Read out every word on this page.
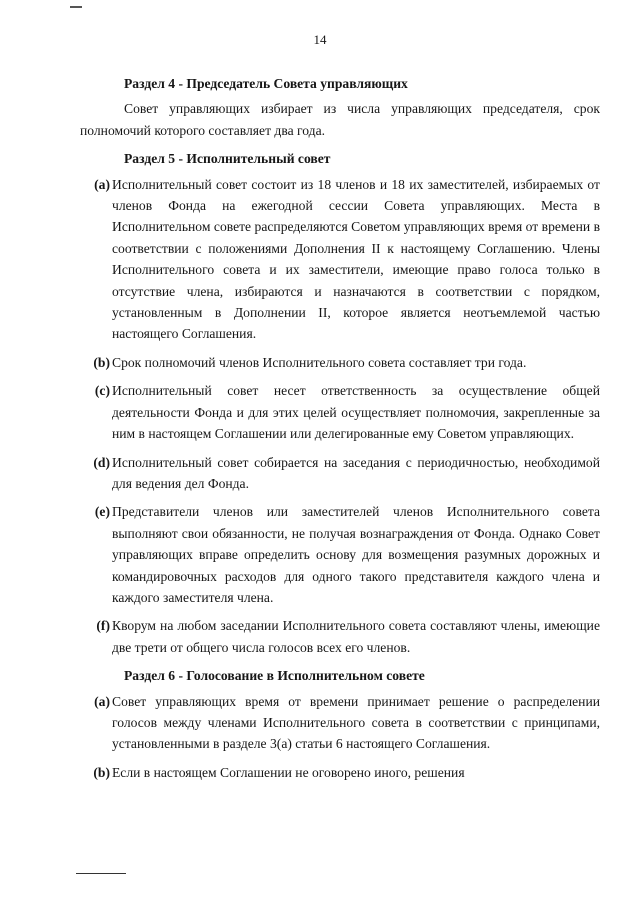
14
Раздел 4 - Председатель Совета управляющих

Совет управляющих избирает из числа управляющих председателя, срок полномочий которого составляет два года.

Раздел 5 - Исполнительный совет
(a) Исполнительный совет состоит из 18 членов и 18 их заместителей, избираемых от членов Фонда на ежегодной сессии Совета управляющих. Места в Исполнительном совете распределяются Советом управляющих время от времени в соответствии с положениями Дополнения II к настоящему Соглашению. Члены Исполнительного совета и их заместители, имеющие право голоса только в отсутствие члена, избираются и назначаются в соответствии с порядком, установленным в Дополнении II, которое является неотъемлемой частью настоящего Соглашения.
(b) Срок полномочий членов Исполнительного совета составляет три года.
(c) Исполнительный совет несет ответственность за осуществление общей деятельности Фонда и для этих целей осуществляет полномочия, закрепленные за ним в настоящем Соглашении или делегированные ему Советом управляющих.
(d) Исполнительный совет собирается на заседания с периодичностью, необходимой для ведения дел Фонда.
(e) Представители членов или заместителей членов Исполнительного совета выполняют свои обязанности, не получая вознаграждения от Фонда. Однако Совет управляющих вправе определить основу для возмещения разумных дорожных и командировочных расходов для одного такого представителя каждого члена и каждого заместителя члена.
(f) Кворум на любом заседании Исполнительного совета составляют члены, имеющие две трети от общего числа голосов всех его членов.
Раздел 6 - Голосование в Исполнительном совете
(a) Совет управляющих время от времени принимает решение о распределении голосов между членами Исполнительного совета в соответствии с принципами, установленными в разделе 3(a) статьи 6 настоящего Соглашения.
(b) Если в настоящем Соглашении не оговорено иного, решения
